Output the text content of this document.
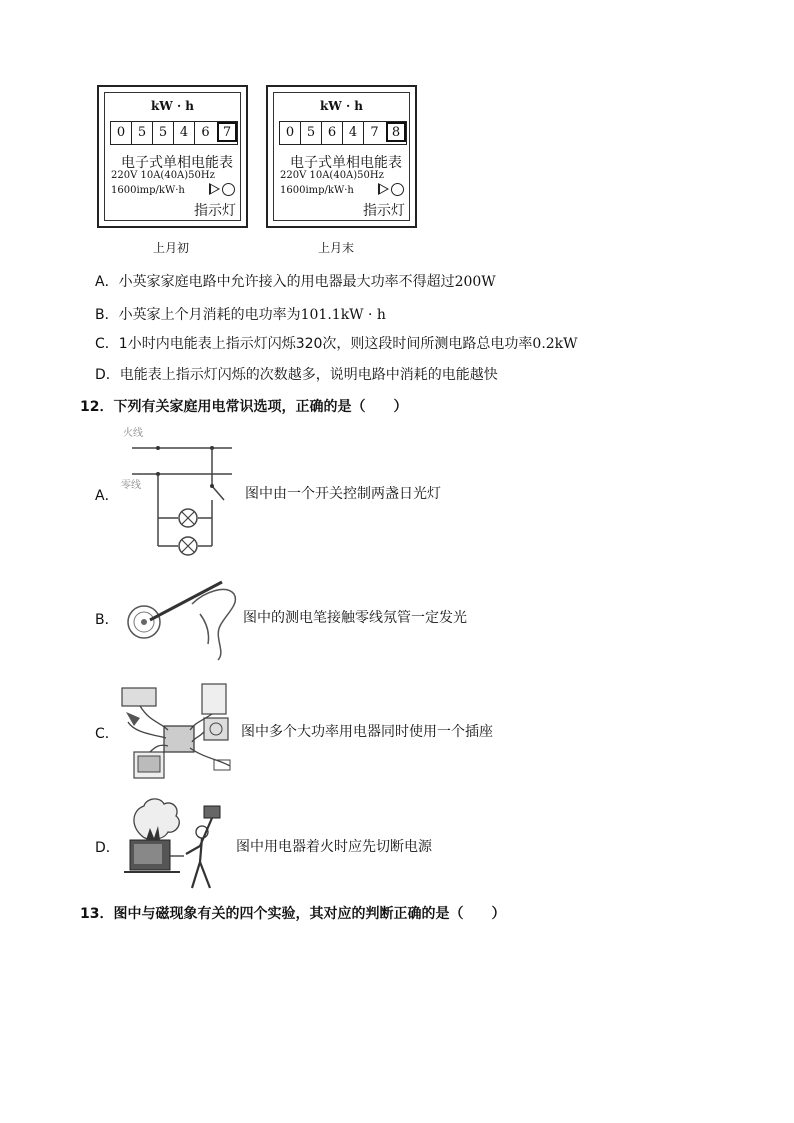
kW · h
0 5 5 4	6	7
电子式单相电能表
220V 10A(40A)50Hz
1600imp/kW·h
指示灯
上月初
kW · h
0 5 6 4	7	8
电子式单相电能表
220V 10A(40A)50Hz
1600imp/kW·h
指示灯
上月末
A．小英家家庭电路中允许接入的用电器最大功率不得超过200W
B．小英家上个月消耗的电功率为101.1kW · h
C．1小时内电能表上指示灯闪烁320次，则这段时间所测电路总电功率0.2kW
D．电能表上指示灯闪烁的次数越多，说明电路中消耗的电能越快
12．下列有关家庭用电常识选项，正确的是（　　）
火线
零线
A．	图中由一个开关控制两盏日光灯
B．	图中的测电笔接触零线氖管一定发光
C．	图中多个大功率用电器同时使用一个插座
D．	图中用电器着火时应先切断电源
13．图中与磁现象有关的四个实验，其对应的判断正确的是（　　）
